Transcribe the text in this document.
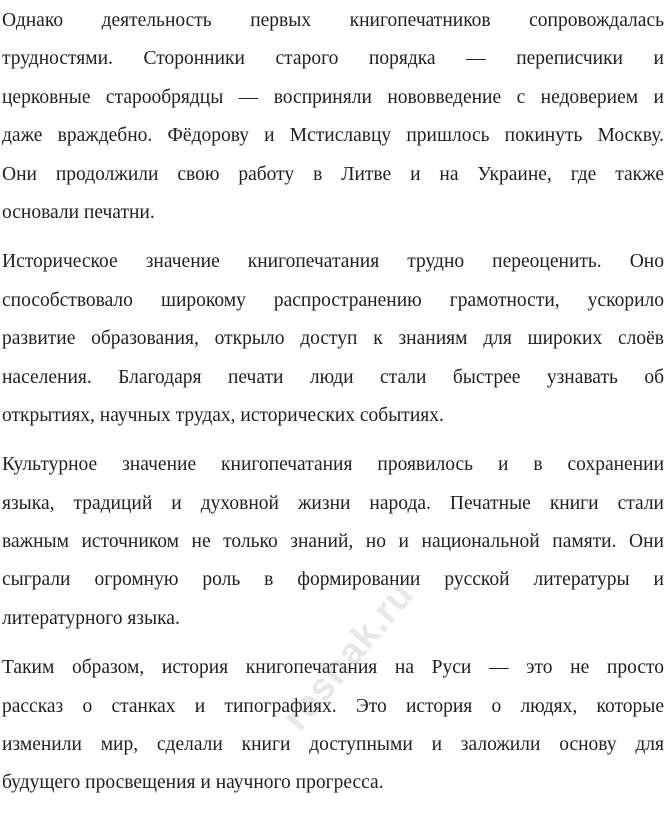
Однако деятельность первых книгопечатников сопровождалась
трудностями. Сторонники старого порядка — переписчики и
церковные старообрядцы — восприняли нововведение с недоверием и
даже враждебно. Фёдорову и Мстиславцу пришлось покинуть Москву.
Они продолжили свою работу в Литве и на Украине, где также
основали печатни.
Историческое значение книгопечатания трудно переоценить. Оно
способствовало широкому распространению грамотности, ускорило
развитие образования, открыло доступ к знаниям для широких слоёв
населения. Благодаря печати люди стали быстрее узнавать об
открытиях, научных трудах, исторических событиях.
Культурное значение книгопечатания проявилось и в сохранении
языка, традиций и духовной жизни народа. Печатные книги стали
важным источником не только знаний, но и национальной памяти. Они
сыграли огромную роль в формировании русской литературы и
литературного языка.
Таким образом, история книгопечатания на Руси — это не просто
рассказ о станках и типографиях. Это история о людях, которые
изменили мир, сделали книги доступными и заложили основу для
будущего просвещения и научного прогресса.
reshak.ru
